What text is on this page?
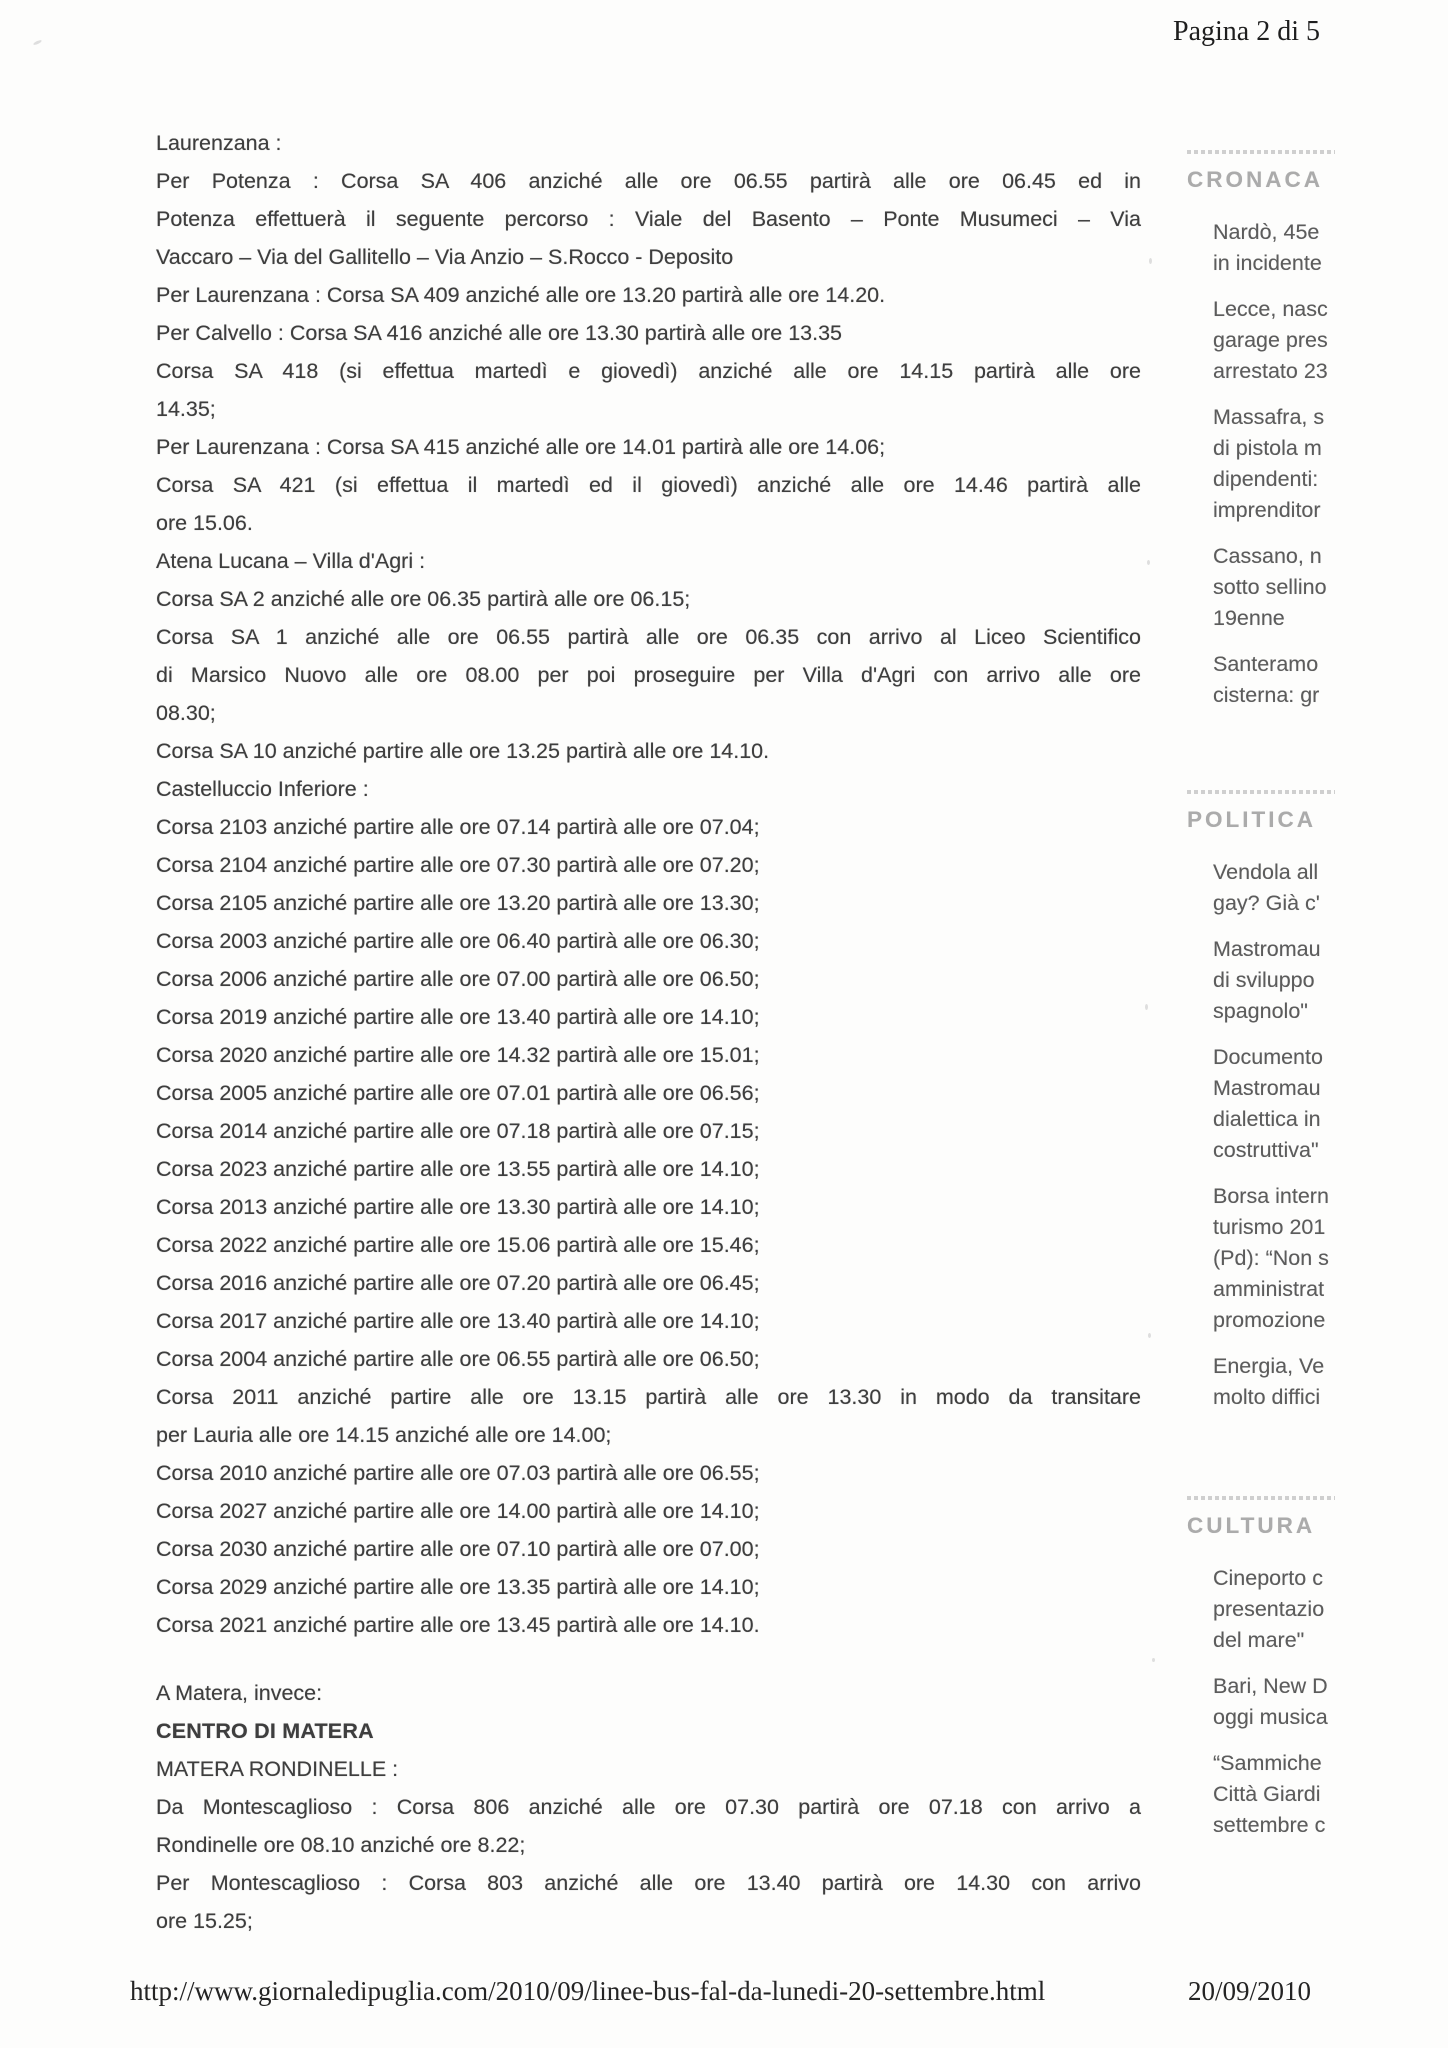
Pagina 2 di 5
Laurenzana :
Per Potenza : Corsa SA 406 anziché alle ore 06.55 partirà alle ore 06.45 ed in
Potenza effettuerà il seguente percorso : Viale del Basento – Ponte Musumeci – Via
Vaccaro – Via del Gallitello – Via Anzio – S.Rocco - Deposito
Per Laurenzana : Corsa SA 409 anziché alle ore 13.20 partirà alle ore 14.20.
Per Calvello : Corsa SA 416 anziché alle ore 13.30 partirà alle ore 13.35
Corsa SA 418 (si effettua martedì e giovedì) anziché alle ore 14.15 partirà alle ore
14.35;
Per Laurenzana : Corsa SA 415 anziché alle ore 14.01 partirà alle ore 14.06;
Corsa SA 421 (si effettua il martedì ed il giovedì) anziché alle ore 14.46 partirà alle
ore 15.06.
Atena Lucana – Villa d'Agri :
Corsa SA 2 anziché alle ore 06.35 partirà alle ore 06.15;
Corsa SA 1 anziché alle ore 06.55 partirà alle ore 06.35 con arrivo al Liceo Scientifico
di Marsico Nuovo alle ore 08.00 per poi proseguire per Villa d'Agri con arrivo alle ore
08.30;
Corsa SA 10 anziché partire alle ore 13.25 partirà alle ore 14.10.
Castelluccio Inferiore :
Corsa 2103 anziché partire alle ore 07.14 partirà alle ore 07.04;
Corsa 2104 anziché partire alle ore 07.30 partirà alle ore 07.20;
Corsa 2105 anziché partire alle ore 13.20 partirà alle ore 13.30;
Corsa 2003 anziché partire alle ore 06.40 partirà alle ore 06.30;
Corsa 2006 anziché partire alle ore 07.00 partirà alle ore 06.50;
Corsa 2019 anziché partire alle ore 13.40 partirà alle ore 14.10;
Corsa 2020 anziché partire alle ore 14.32 partirà alle ore 15.01;
Corsa 2005 anziché partire alle ore 07.01 partirà alle ore 06.56;
Corsa 2014 anziché partire alle ore 07.18 partirà alle ore 07.15;
Corsa 2023 anziché partire alle ore 13.55 partirà alle ore 14.10;
Corsa 2013 anziché partire alle ore 13.30 partirà alle ore 14.10;
Corsa 2022 anziché partire alle ore 15.06 partirà alle ore 15.46;
Corsa 2016 anziché partire alle ore 07.20 partirà alle ore 06.45;
Corsa 2017 anziché partire alle ore 13.40 partirà alle ore 14.10;
Corsa 2004 anziché partire alle ore 06.55 partirà alle ore 06.50;
Corsa 2011 anziché partire alle ore 13.15 partirà alle ore 13.30 in modo da transitare
per Lauria alle ore 14.15 anziché alle ore 14.00;
Corsa 2010 anziché partire alle ore 07.03 partirà alle ore 06.55;
Corsa 2027 anziché partire alle ore 14.00 partirà alle ore 14.10;
Corsa 2030 anziché partire alle ore 07.10 partirà alle ore 07.00;
Corsa 2029 anziché partire alle ore 13.35 partirà alle ore 14.10;
Corsa 2021 anziché partire alle ore 13.45 partirà alle ore 14.10.
A Matera, invece:
CENTRO DI MATERA
MATERA RONDINELLE :
Da Montescaglioso : Corsa 806 anziché alle ore 07.30 partirà ore 07.18 con arrivo a
Rondinelle ore 08.10 anziché ore 8.22;
Per Montescaglioso : Corsa 803 anziché alle ore 13.40 partirà ore 14.30 con arrivo
ore 15.25;
CRONACA
Nardò, 45e
in incidente
Lecce, nasc
garage pres
arrestato 23
Massafra, s
di pistola m
dipendenti:
imprenditor
Cassano, n
sotto sellino
19enne
Santeramo
cisterna: gr
POLITICA
Vendola all
gay? Già c'
Mastromau
di sviluppo
spagnolo"
Documento
Mastromau
dialettica in
costruttiva"
Borsa intern
turismo 201
(Pd): “Non s
amministrat
promozione
Energia, Ve
molto diffici
CULTURA
Cineporto c
presentazio
del mare"
Bari, New D
oggi musica
“Sammiche
Città Giardi
settembre c
http://www.giornaledipuglia.com/2010/09/linee-bus-fal-da-lunedi-20-settembre.html	20/09/2010
